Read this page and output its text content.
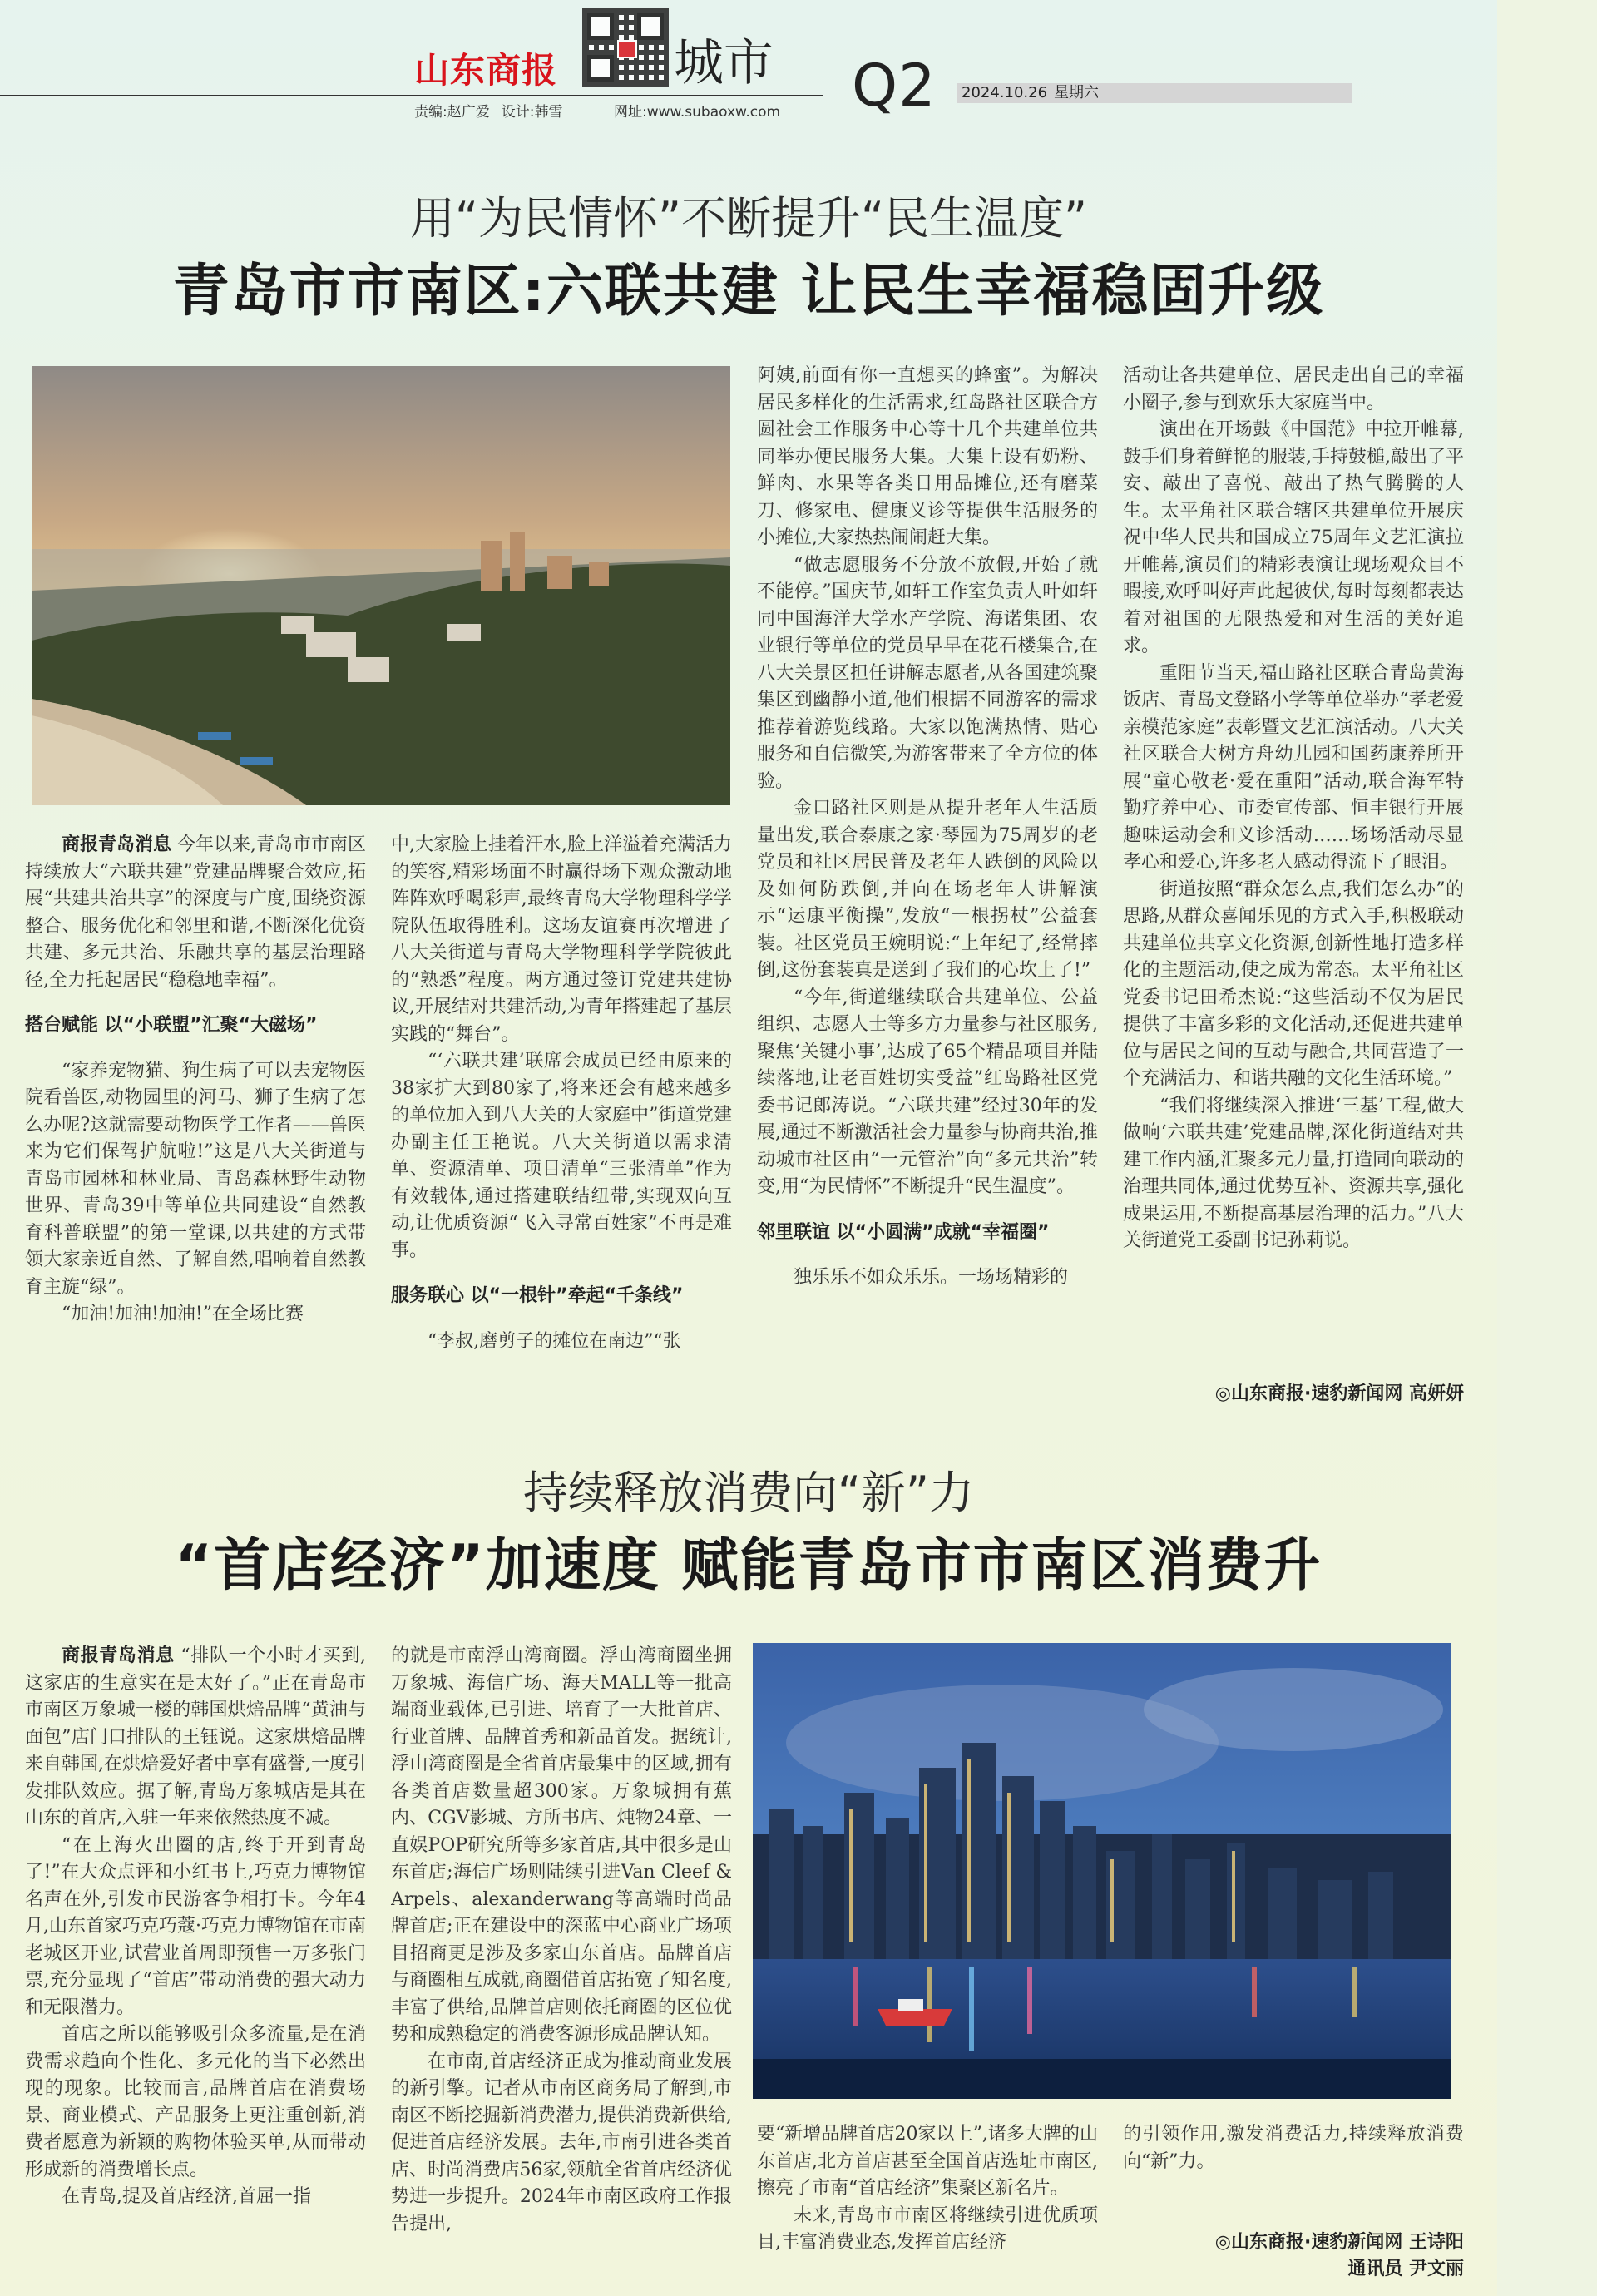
山东商报 城市 Q2
责编:赵广爱 设计:韩雪	网址:www.subaoxw.com
2024.10.26 星期六
用“为民情怀”不断提升“民生温度”
青岛市市南区:六联共建 让民生幸福稳固升级

商报青岛消息 今年以来,青岛市市南区持续放大“六联共建”党建品牌聚合效应,拓展“共建共治共享”的深度与广度,围绕资源整合、服务优化和邻里和谐,不断深化优资共建、多元共治、乐融共享的基层治理路径,全力托起居民“稳稳地幸福”。

搭台赋能 以“小联盟”汇聚“大磁场”

“家养宠物猫、狗生病了可以去宠物医院看兽医,动物园里的河马、狮子生病了怎么办呢?这就需要动物医学工作者——兽医来为它们保驾护航啦!”这是八大关街道与青岛市园林和林业局、青岛森林野生动物世界、青岛39中等单位共同建设“自然教育科普联盟”的第一堂课,以共建的方式带领大家亲近自然、了解自然,唱响着自然教育主旋“绿”。

“加油!加油!加油!”在全场比赛

中,大家脸上挂着汗水,脸上洋溢着充满活力的笑容,精彩场面不时赢得场下观众激动地阵阵欢呼喝彩声,最终青岛大学物理科学学院队伍取得胜利。这场友谊赛再次增进了八大关街道与青岛大学物理科学学院彼此的“熟悉”程度。两方通过签订党建共建协议,开展结对共建活动,为青年搭建起了基层实践的“舞台”。

“‘六联共建’联席会成员已经由原来的38家扩大到80家了,将来还会有越来越多的单位加入到八大关的大家庭中”街道党建办副主任王艳说。八大关街道以需求清单、资源清单、项目清单“三张清单”作为有效载体,通过搭建联结纽带,实现双向互动,让优质资源“飞入寻常百姓家”不再是难事。

服务联心 以“一根针”牵起“千条线”

“李叔,磨剪子的摊位在南边”“张

阿姨,前面有你一直想买的蜂蜜”。为解决居民多样化的生活需求,红岛路社区联合方圆社会工作服务中心等十几个共建单位共同举办便民服务大集。大集上设有奶粉、鲜肉、水果等各类日用品摊位,还有磨菜刀、修家电、健康义诊等提供生活服务的小摊位,大家热热闹闹赶大集。

“做志愿服务不分放不放假,开始了就不能停。”国庆节,如轩工作室负责人叶如轩同中国海洋大学水产学院、海诺集团、农业银行等单位的党员早早在花石楼集合,在八大关景区担任讲解志愿者,从各国建筑聚集区到幽静小道,他们根据不同游客的需求推荐着游览线路。大家以饱满热情、贴心服务和自信微笑,为游客带来了全方位的体验。

金口路社区则是从提升老年人生活质量出发,联合泰康之家·琴园为75周岁的老党员和社区居民普及老年人跌倒的风险以及如何防跌倒,并向在场老年人讲解演示“运康平衡操”,发放“一根拐杖”公益套装。社区党员王婉明说:“上年纪了,经常摔倒,这份套装真是送到了我们的心坎上了!”

“今年,街道继续联合共建单位、公益组织、志愿人士等多方力量参与社区服务,聚焦‘关键小事’,达成了65个精品项目并陆续落地,让老百姓切实受益”红岛路社区党委书记郎涛说。“六联共建”经过30年的发展,通过不断激活社会力量参与协商共治,推动城市社区由“一元管治”向“多元共治”转变,用“为民情怀”不断提升“民生温度”。

邻里联谊 以“小圆满”成就“幸福圈”

独乐乐不如众乐乐。一场场精彩的

活动让各共建单位、居民走出自己的幸福小圈子,参与到欢乐大家庭当中。

演出在开场鼓《中国范》中拉开帷幕,鼓手们身着鲜艳的服装,手持鼓槌,敲出了平安、敲出了喜悦、敲出了热气腾腾的人生。太平角社区联合辖区共建单位开展庆祝中华人民共和国成立75周年文艺汇演拉开帷幕,演员们的精彩表演让现场观众目不暇接,欢呼叫好声此起彼伏,每时每刻都表达着对祖国的无限热爱和对生活的美好追求。

重阳节当天,福山路社区联合青岛黄海饭店、青岛文登路小学等单位举办“孝老爱亲模范家庭”表彰暨文艺汇演活动。八大关社区联合大树方舟幼儿园和国药康养所开展“童心敬老·爱在重阳”活动,联合海军特勤疗养中心、市委宣传部、恒丰银行开展趣味运动会和义诊活动……场场活动尽显孝心和爱心,许多老人感动得流下了眼泪。

街道按照“群众怎么点,我们怎么办”的思路,从群众喜闻乐见的方式入手,积极联动共建单位共享文化资源,创新性地打造多样化的主题活动,使之成为常态。太平角社区党委书记田希杰说:“这些活动不仅为居民提供了丰富多彩的文化活动,还促进共建单位与居民之间的互动与融合,共同营造了一个充满活力、和谐共融的文化生活环境。”

“我们将继续深入推进‘三基’工程,做大做响‘六联共建’党建品牌,深化街道结对共建工作内涵,汇聚多元力量,打造同向联动的治理共同体,通过优势互补、资源共享,强化成果运用,不断提高基层治理的活力。”八大关街道党工委副书记孙莉说。

◎山东商报·速豹新闻网 高妍妍
持续释放消费向“新”力
“首店经济”加速度 赋能青岛市市南区消费升

商报青岛消息 “排队一个小时才买到,这家店的生意实在是太好了。”正在青岛市市南区万象城一楼的韩国烘焙品牌“黄油与面包”店门口排队的王钰说。这家烘焙品牌来自韩国,在烘焙爱好者中享有盛誉,一度引发排队效应。据了解,青岛万象城店是其在山东的首店,入驻一年来依然热度不减。

“在上海火出圈的店,终于开到青岛了!”在大众点评和小红书上,巧克力博物馆名声在外,引发市民游客争相打卡。今年4月,山东首家巧克巧蔻·巧克力博物馆在市南老城区开业,试营业首周即预售一万多张门票,充分显现了“首店”带动消费的强大动力和无限潜力。

首店之所以能够吸引众多流量,是在消费需求趋向个性化、多元化的当下必然出现的现象。比较而言,品牌首店在消费场景、商业模式、产品服务上更注重创新,消费者愿意为新颖的购物体验买单,从而带动形成新的消费增长点。

在青岛,提及首店经济,首屈一指

的就是市南浮山湾商圈。浮山湾商圈坐拥万象城、海信广场、海天MALL等一批高端商业载体,已引进、培育了一大批首店、行业首牌、品牌首秀和新品首发。据统计,浮山湾商圈是全省首店最集中的区域,拥有各类首店数量超300家。万象城拥有蕉内、CGV影城、方所书店、炖物24章、一直娱POP研究所等多家首店,其中很多是山东首店;海信广场则陆续引进Van Cleef & Arpels、alexanderwang等高端时尚品牌首店;正在建设中的深蓝中心商业广场项目招商更是涉及多家山东首店。品牌首店与商圈相互成就,商圈借首店拓宽了知名度,丰富了供给,品牌首店则依托商圈的区位优势和成熟稳定的消费客源形成品牌认知。

在市南,首店经济正成为推动商业发展的新引擎。记者从市南区商务局了解到,市南区不断挖掘新消费潜力,提供消费新供给,促进首店经济发展。去年,市南引进各类首店、时尚消费店56家,领航全省首店经济优势进一步提升。2024年市南区政府工作报告提出,

要“新增品牌首店20家以上”,诸多大牌的山东首店,北方首店甚至全国首店选址市南区,擦亮了市南“首店经济”集聚区新名片。

未来,青岛市市南区将继续引进优质项目,丰富消费业态,发挥首店经济

的引领作用,激发消费活力,持续释放消费向“新”力。

◎山东商报·速豹新闻网 王诗阳
通讯员 尹文丽
